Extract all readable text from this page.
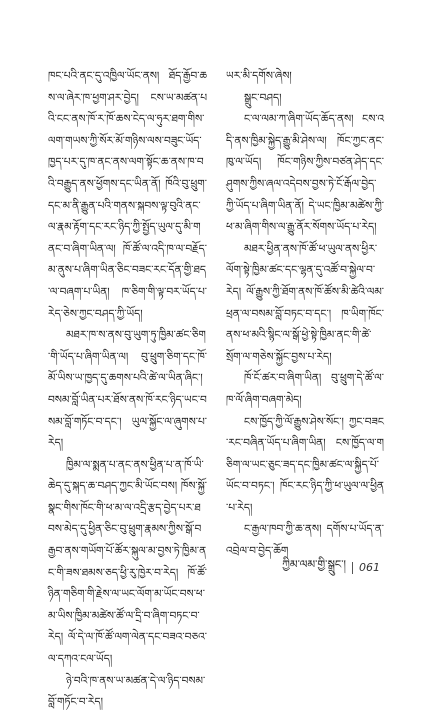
ཁང་པའི་ནང་དུ་འཁྱིལ་ཡོང་ནས། ཐོད་རྒྱོབ་ཆས་ལ་ཞེར་ཁ་ཕྱག་ཤར་བྱེད། ངས་ཡ་མཚན་པའི་ངང་ནས་ཁོ་ར་ཁོ་ཆས་ངེད་ལ་ཧུར་ཐག་གིས་ལག་གཡས་ཀྱི་སོར་མོ་གཉིས་ལས་བཟུང་ཡོད་ཁྱད་པར་དུ་ཁ་ནང་ནས་ལག་སྟོང་ཆ་ནས་ཁ་བའི་བརྒྱུད་ནས་ཕྱོགས་དང་ཡིན་ནོ། ཁོའི་བུ་ཕྲུག་དང་མ་ནི་རྒྱུན་པའི་གནས་སྐབས་ལྟ་བུའི་ནང་ལ་རྣམ་རྟོག་དང་རང་ཉིད་ཀྱི་སྤྱོད་ཡུལ་དུ་མི་གནང་བ་ཞིག་ཡིན་ལ། ཁོ་ཚོ་ལ་འདི་ཁ་ལ་བརྗོད་མ་ནུས་པ་ཞིག་ཡིན་ཅིང་བཟང་རང་དོན་གྱི་ཐད་ལ་བཞག་པ་ཡིན། ཁ་ཅིག་གི་ལྟ་བར་ཡོད་པ་རེད་ཅེས་ཀྱང་བཤད་ཀྱི་ཡོད།

མཐར་ཁ་ས་ནས་བུ་ཡུག་ཏུ་ཁྱིམ་ཚང་ཅིག་གི་ཡོད་པ་ཞིག་ཡིན་ལ། བུ་ཕྲུག་ཅིག་དང་ཁོ་མོ་ཡིས་ཡ་ཁྱད་དུ་ཆགས་པའི་ཚེ་ལ་ཡིན་ཞིང་། བསམ་བློ་ཡིན་པར་ཐོས་ནས་ཁོ་རང་ཉིད་ཡང་བསམ་བློ་གཏོང་བ་དང་། ཡུལ་སྐྱོང་ལ་ཞུགས་པ་རེད།

ཁྱིམ་ལ་སྨན་པ་ནང་ནས་ཕྱིན་པ་ན་ཁོ་ཡི་ཆེད་དུ་སྐད་ཆ་བཤད་ཀྱང་མི་ཡོང་བས། ཁོས་སྐྱོ་སྣང་གིས་ཁོང་གི་ཕ་མ་ལ་འདྲི་རྩད་བྱེད་པར་ཐབས་མེད་དུ་ཕྱིན་ཅིང་བུ་ཕྲུག་རྣམས་ཀྱིས་སྒོ་བརྒྱབ་ནས་གཡོག་པོ་ཚོར་སྐུལ་མ་བྱས་ཏེ་ཁྱིམ་ནང་གི་ཟས་ཐམས་ཅད་ཕྱི་རུ་ཁྱེར་བ་རེད། ཁོ་ཚོ་ཉིན་གཅིག་གི་རྗེས་ལ་ཡང་ལོག་མ་ཡོང་བས་ཕ་མ་ཡིས་ཁྱིམ་མཚེས་ཚོ་ལ་དྲི་བ་ཞིག་བཏང་བ་རེད། ལོ་དེ་ལ་ཁོ་ཚོ་ལག་ལེན་དང་བཟའ་བཅའ་ལ་དཀའ་ངལ་ཡོད།

ཉེ་བའི་ཁ་ནས་ཡ་མཚན་དེ་ལ་ཉིད་བསམ་བློ་གཏོང་བ་རེད།

ཡར་མི་དགོས་ཞེས།

སྒྲུང་བཤད།

ང་ལ་ལམ་ཀ་ཞིག་ཡོད་ཆོད་ནས། ངས་འདི་ནས་ཁྱིམ་སྐྱེད་རྒྱུ་མི་ཤེས་ལ། ཁོང་ཀྱང་ནང་ཁུ་ལ་ཡོད། ཁོང་གཉིས་ཀྱིས་བཙན་ཤེད་དང་ཤུགས་ཀྱིས་ཞལ་འདེབས་བྱས་ཏེ་ངོ་རྒོལ་བྱེད་ཀྱི་ཡོད་པ་ཞིག་ཡིན་ནོ། དེ་ཡང་ཁྱིམ་མཚེས་ཀྱི་ཕ་མ་ཞིག་གིས་ལ་རྒྱུ་ནོར་སོགས་ཡོད་པ་རེད།

མཐར་ཕྱིན་ནས་ཁོ་ཚོ་ཕ་ཡུལ་ནས་ཕྱིར་ལོག་སྟེ་ཁྱིམ་ཚང་དང་ལྷན་དུ་འཚོ་བ་སྐྱེལ་བ་རེད། ལོ་རྒྱུས་ཀྱི་ཐོག་ནས་ཁོ་ཚོས་མི་ཚེའི་ལམ་ཕྲན་ལ་བསམ་བློ་བཏང་བ་དང་། ཁ་ཡིག་ཁོང་ནས་ཕ་མའི་སྙིང་ལ་སྒོ་ཕྱེ་སྟེ་ཁྱིམ་ནང་གི་ཚེ་སྲོག་ལ་གཅེས་སྐྱོང་བྱས་པ་རེད།

ཁོ་ངོ་ཚར་བ་ཞིག་ཡིན། བུ་ཕྲུག་དེ་ཚོ་ལ་ཁ་ལོ་ཞིག་བཞག་མེད།

ངས་ཁྱོད་ཀྱི་ལོ་རྒྱུས་ཤེས་སོང་། ཀྱང་བཟང་རང་བཞིན་ཡོད་པ་ཞིག་ཡིན། ངས་ཁྱོད་ལ་གཅིག་ལ་ཡང་ཅུང་ཟད་དང་ཁྱིམ་ཚང་ལ་སྐྱིད་པོ་ཡོང་བ་བཏང་། ཁོང་རང་ཉིད་ཀྱི་ཕ་ཡུལ་ལ་ཕྱིན་པ་རེད།

ང་རྒྱལ་ཁབ་ཀྱི་ཆ་ནས། དགོས་པ་ཡོད་ན་འབྲེལ་བ་བྱེད་ཆོག

ཀྱིམ་ལམ་གྱི་སྒྲུང་། 061
